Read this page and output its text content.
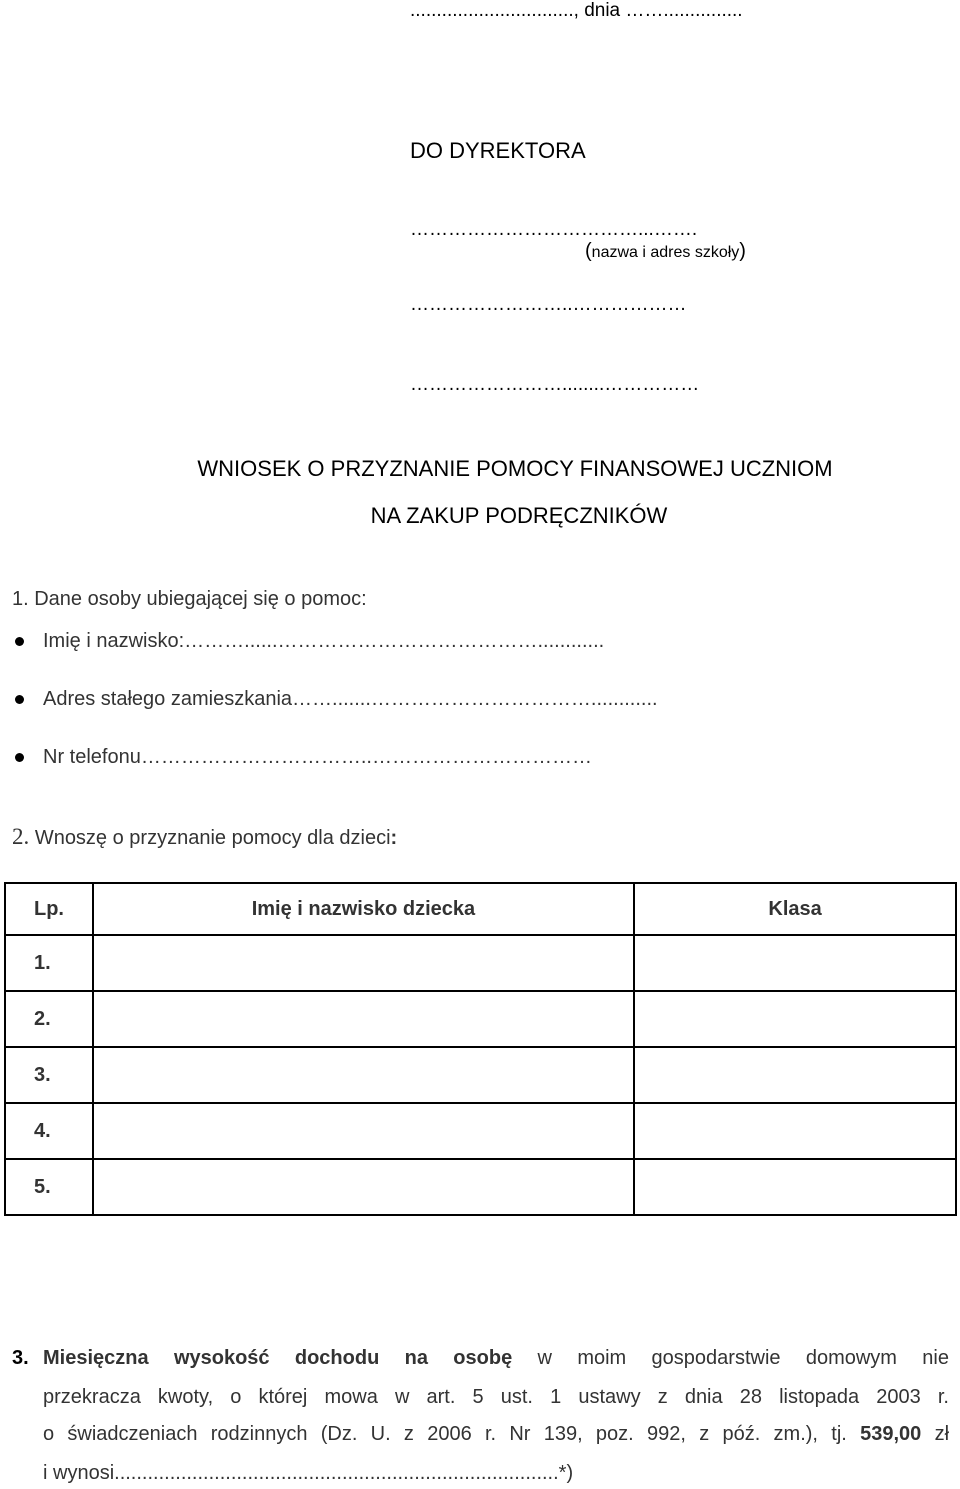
..............................., dnia ……...............
DO DYREKTORA
………………………………...…….
(nazwa i adres szkoły)
……………………..………………
……………………........……………
WNIOSEK O PRZYZNANIE POMOCY FINANSOWEJ UCZNIOM
NA ZAKUP PODRĘCZNIKÓW
1. Dane osoby ubiegającej się o pomoc:
Imię i nazwisko:………......…………………………………............
Adres stałego zamieszkania…….......……………………………............
Nr telefonu……………………………..……………………………
2. Wnoszę o przyznanie pomocy dla dzieci:
Lp.	Imię i nazwisko dziecka	Klasa
1.		
2.		
3.		
4.		
5.		
3. Miesięczna wysokość dochodu na osobę w moim gospodarstwie domowym nie
przekracza kwoty, o której mowa w art. 5 ust. 1 ustawy z dnia 28 listopada 2003 r.
o świadczeniach rodzinnych (Dz. U. z 2006 r. Nr 139, poz. 992, z póź. zm.), tj. 539,00 zł
i wynosi................................................................................*)
